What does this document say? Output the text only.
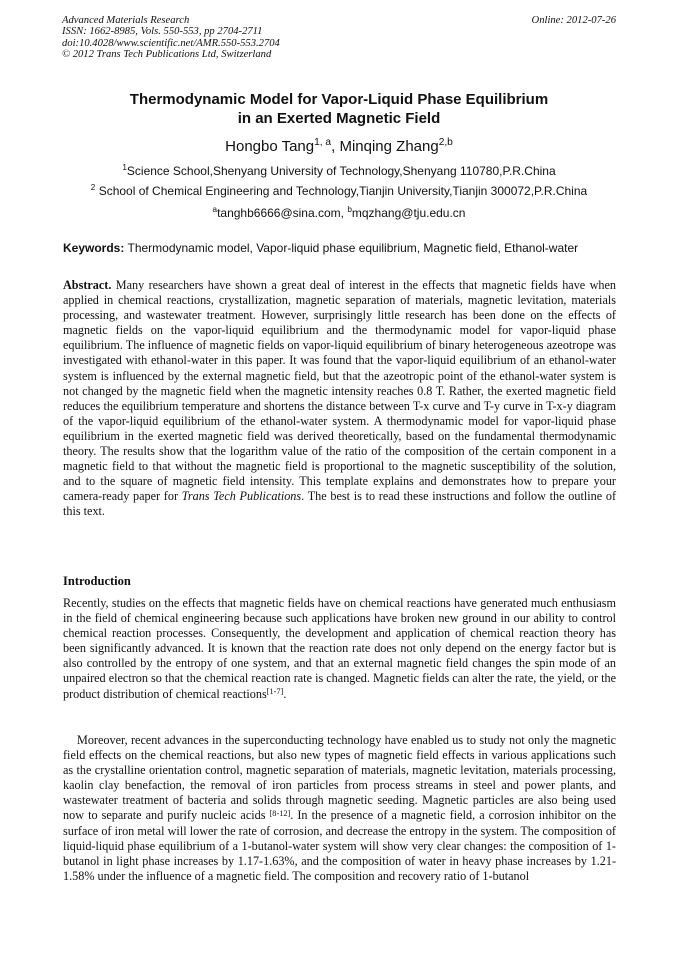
Advanced Materials Research
ISSN: 1662-8985, Vols. 550-553, pp 2704-2711
doi:10.4028/www.scientific.net/AMR.550-553.2704
© 2012 Trans Tech Publications Ltd, Switzerland
Online: 2012-07-26
Thermodynamic Model for Vapor-Liquid Phase Equilibrium
in an Exerted Magnetic Field
Hongbo Tang$^{1, a}$, Minqing Zhang$^{2,b}$
$^1$Science School,Shenyang University of Technology,Shenyang 110780,P.R.China
$^2$ School of Chemical Engineering and Technology,Tianjin University,Tianjin 300072,P.R.China
$^a$tanghb6666@sina.com, $^b$mqzhang@tju.edu.cn
Keywords: Thermodynamic model, Vapor-liquid phase equilibrium, Magnetic field, Ethanol-water

Abstract. Many researchers have shown a great deal of interest in the effects that magnetic fields have when applied in chemical reactions, crystallization, magnetic separation of materials, magnetic levitation, materials processing, and wastewater treatment. However, surprisingly little research has been done on the effects of magnetic fields on the vapor-liquid equilibrium and the thermodynamic model for vapor-liquid phase equilibrium. The influence of magnetic fields on vapor-liquid equilibrium of binary heterogeneous azeotrope was investigated with ethanol-water in this paper. It was found that the vapor-liquid equilibrium of an ethanol-water system is influenced by the external magnetic field, but that the azeotropic point of the ethanol-water system is not changed by the magnetic field when the magnetic intensity reaches 0.8 T. Rather, the exerted magnetic field reduces the equilibrium temperature and shortens the distance between T-x curve and T-y curve in T-x-y diagram of the vapor-liquid equilibrium of the ethanol-water system. A thermodynamic model for vapor-liquid phase equilibrium in the exerted magnetic field was derived theoretically, based on the fundamental thermodynamic theory. The results show that the logarithm value of the ratio of the composition of the certain component in a magnetic field to that without the magnetic field is proportional to the magnetic susceptibility of the solution, and to the square of magnetic field intensity. This template explains and demonstrates how to prepare your camera-ready paper for Trans Tech Publications. The best is to read these instructions and follow the outline of this text.

Introduction

Recently, studies on the effects that magnetic fields have on chemical reactions have generated much enthusiasm in the field of chemical engineering because such applications have broken new ground in our ability to control chemical reaction processes. Consequently, the development and application of chemical reaction theory has been significantly advanced. It is known that the reaction rate does not only depend on the energy factor but is also controlled by the entropy of one system, and that an external magnetic field changes the spin mode of an unpaired electron so that the chemical reaction rate is changed. Magnetic fields can alter the rate, the yield, or the product distribution of chemical reactions[1-7].

Moreover, recent advances in the superconducting technology have enabled us to study not only the magnetic field effects on the chemical reactions, but also new types of magnetic field effects in various applications such as the crystalline orientation control, magnetic separation of materials, magnetic levitation, materials processing, kaolin clay benefaction, the removal of iron particles from process streams in steel and power plants, and wastewater treatment of bacteria and solids through magnetic seeding. Magnetic particles are also being used now to separate and purify nucleic acids [8-12]. In the presence of a magnetic field, a corrosion inhibitor on the surface of iron metal will lower the rate of corrosion, and decrease the entropy in the system. The composition of liquid-liquid phase equilibrium of a 1-butanol-water system will show very clear changes: the composition of 1-butanol in light phase increases by 1.17-1.63%, and the composition of water in heavy phase increases by 1.21-1.58% under the influence of a magnetic field. The composition and recovery ratio of 1-butanol
